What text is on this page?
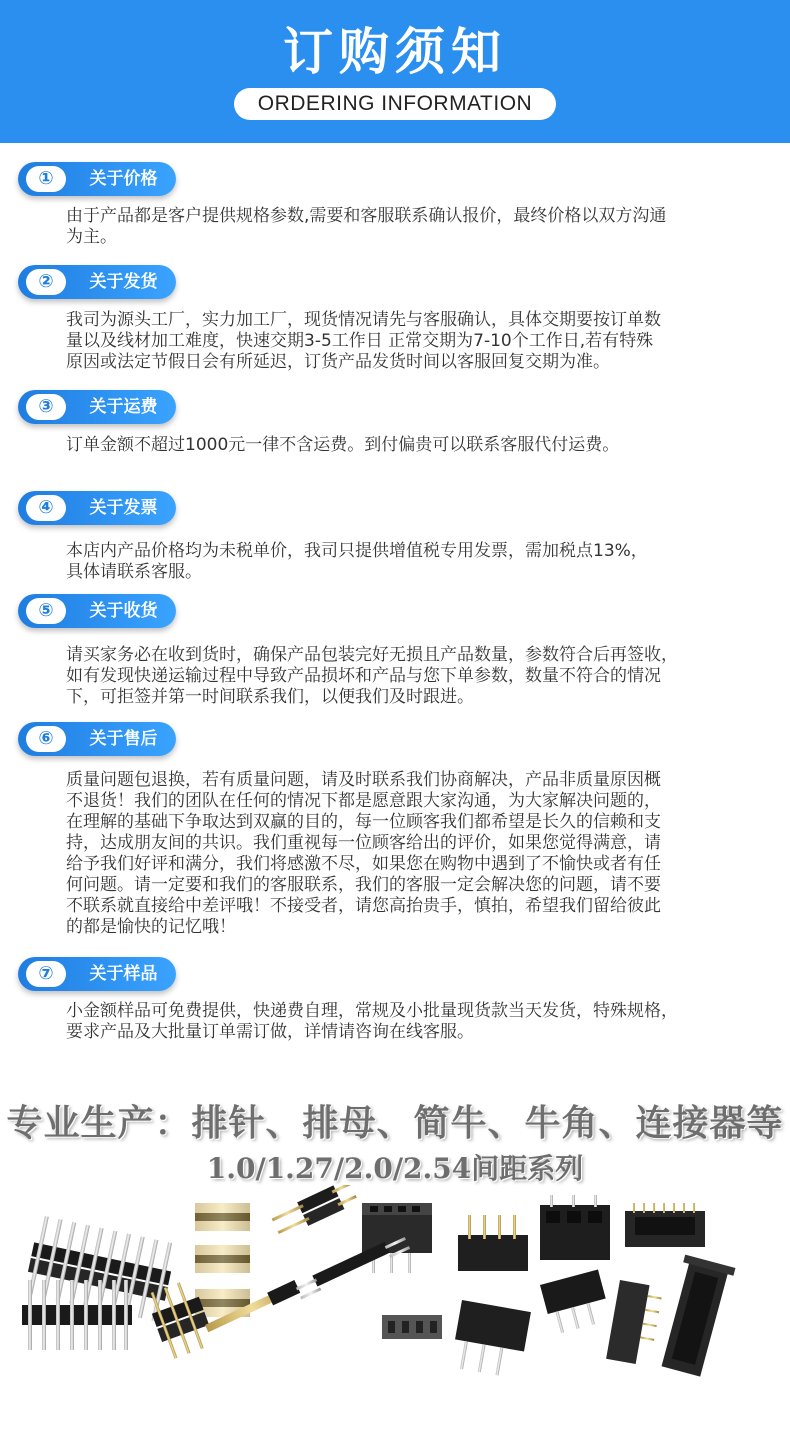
订购须知
ORDERING INFORMATION
①	关于价格
由于产品都是客户提供规格参数,需要和客服联系确认报价，最终价格以双方沟通
为主。
②	关于发货
我司为源头工厂，实力加工厂，现货情况请先与客服确认，具体交期要按订单数
量以及线材加工难度，快速交期3-5工作日 正常交期为7-10个工作日,若有特殊
原因或法定节假日会有所延迟，订货产品发货时间以客服回复交期为准。
③	关于运费
订单金额不超过1000元一律不含运费。到付偏贵可以联系客服代付运费。
④	关于发票
本店内产品价格均为未税单价，我司只提供增值税专用发票，需加税点13%，
具体请联系客服。
⑤	关于收货
请买家务必在收到货时，确保产品包装完好无损且产品数量，参数符合后再签收，
如有发现快递运输过程中导致产品损坏和产品与您下单参数，数量不符合的情况
下，可拒签并第一时间联系我们，以便我们及时跟进。
⑥	关于售后
质量问题包退换，若有质量问题，请及时联系我们协商解决，产品非质量原因概
不退货！我们的团队在任何的情况下都是愿意跟大家沟通，为大家解决问题的，
在理解的基础下争取达到双赢的目的，每一位顾客我们都希望是长久的信赖和支
持，达成朋友间的共识。我们重视每一位顾客给出的评价，如果您觉得满意，请
给予我们好评和满分，我们将感激不尽，如果您在购物中遇到了不愉快或者有任
何问题。请一定要和我们的客服联系，我们的客服一定会解决您的问题，请不要
不联系就直接给中差评哦！不接受者，请您高抬贵手，慎拍，希望我们留给彼此
的都是愉快的记忆哦！
⑦	关于样品
小金额样品可免费提供，快递费自理，常规及小批量现货款当天发货，特殊规格，
要求产品及大批量订单需订做，详情请咨询在线客服。
专业生产：排针、排母、简牛、牛角、连接器等
1.0/1.27/2.0/2.54间距系列
